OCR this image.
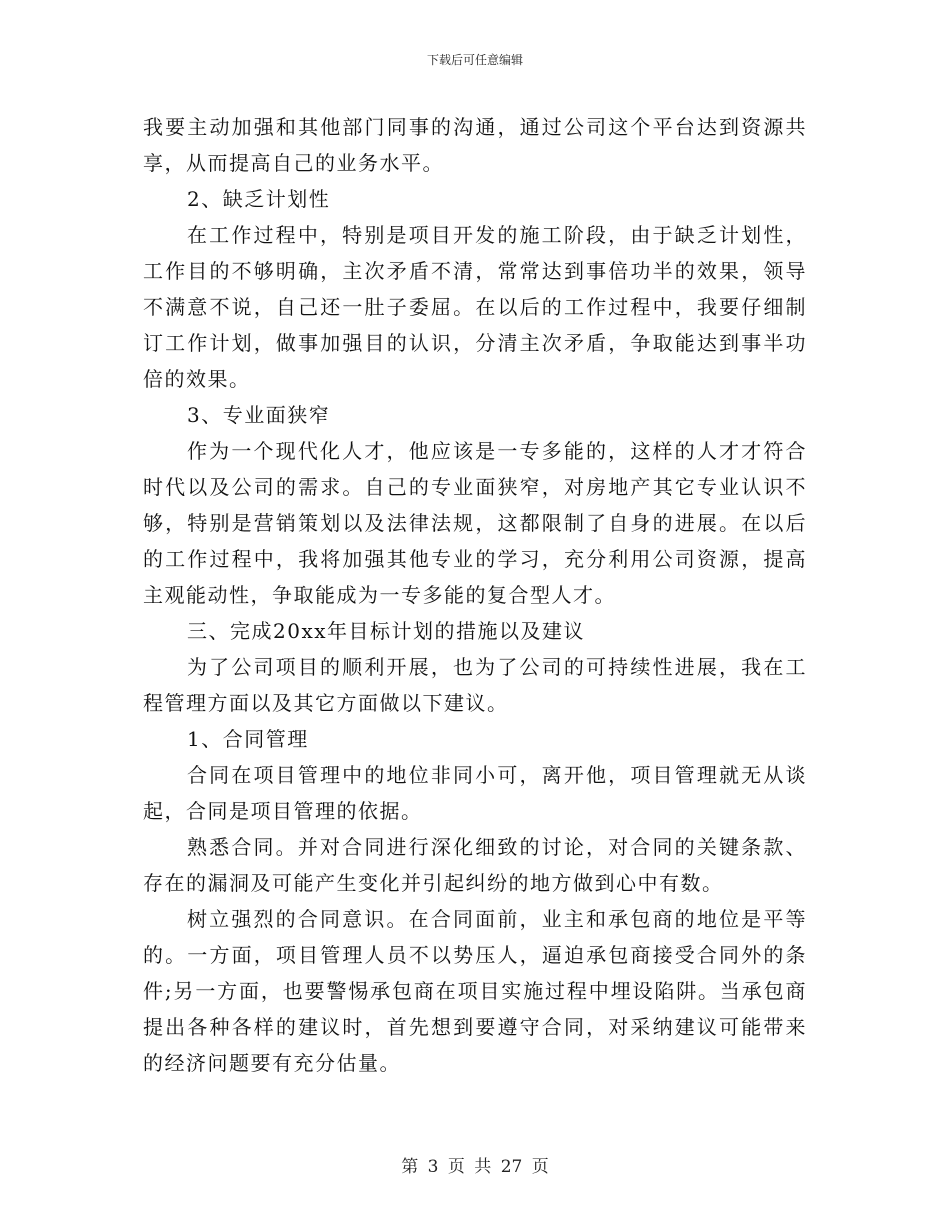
下载后可任意编辑

我要主动加强和其他部门同事的沟通，通过公司这个平台达到资源共享，从而提高自己的业务水平。

2、缺乏计划性

在工作过程中，特别是项目开发的施工阶段，由于缺乏计划性，工作目的不够明确，主次矛盾不清，常常达到事倍功半的效果，领导不满意不说，自己还一肚子委屈。在以后的工作过程中，我要仔细制订工作计划，做事加强目的认识，分清主次矛盾，争取能达到事半功倍的效果。

3、专业面狭窄

作为一个现代化人才，他应该是一专多能的，这样的人才才符合时代以及公司的需求。自己的专业面狭窄，对房地产其它专业认识不够，特别是营销策划以及法律法规，这都限制了自身的进展。在以后的工作过程中，我将加强其他专业的学习，充分利用公司资源，提高主观能动性，争取能成为一专多能的复合型人才。

三、完成20xx年目标计划的措施以及建议

为了公司项目的顺利开展，也为了公司的可持续性进展，我在工程管理方面以及其它方面做以下建议。

1、合同管理

合同在项目管理中的地位非同小可，离开他，项目管理就无从谈起，合同是项目管理的依据。

熟悉合同。并对合同进行深化细致的讨论，对合同的关键条款、存在的漏洞及可能产生变化并引起纠纷的地方做到心中有数。

树立强烈的合同意识。在合同面前，业主和承包商的地位是平等的。一方面，项目管理人员不以势压人，逼迫承包商接受合同外的条件;另一方面，也要警惕承包商在项目实施过程中埋设陷阱。当承包商提出各种各样的建议时，首先想到要遵守合同，对采纳建议可能带来的经济问题要有充分估量。

第 3 页 共 27 页
